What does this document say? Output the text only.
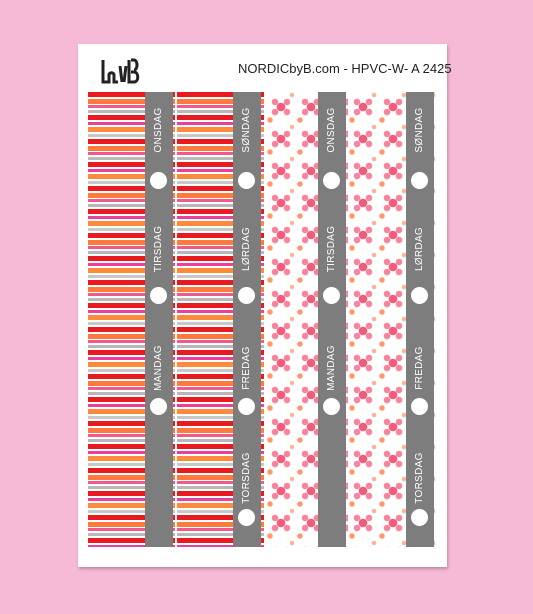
NORDICbyB.com - HPVC-W- A 2425
ONSDAG
TIRSDAG
MANDAG
SØNDAG
LØRDAG
FREDAG
TORSDAG
ONSDAG
TIRSDAG
MANDAG
SØNDAG
LØRDAG
FREDAG
TORSDAG
